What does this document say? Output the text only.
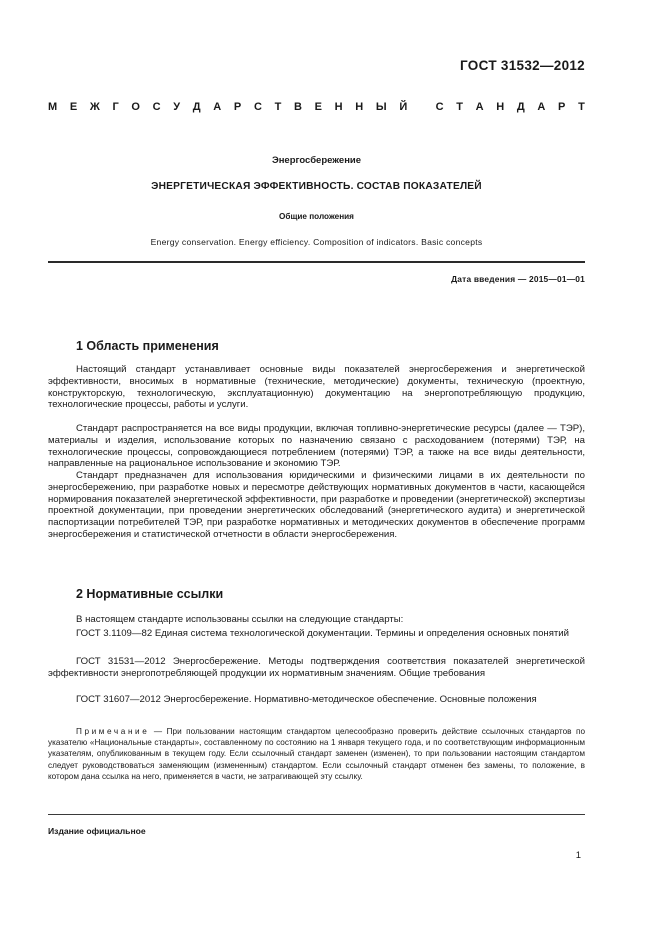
ГОСТ 31532—2012
М Е Ж Г О С У Д А Р С Т В Е Н Н Ы Й
	С Т А Н Д А Р Т
Энергосбережение
ЭНЕРГЕТИЧЕСКАЯ ЭФФЕКТИВНОСТЬ. СОСТАВ ПОКАЗАТЕЛЕЙ
Общие положения
Energy conservation. Energy efficiency. Composition of indicators. Basic concepts
Дата введения — 2015—01—01
1 Область применения

Настоящий стандарт устанавливает основные виды показателей энергосбережения и энергетической эффективности, вносимых в нормативные (технические, методические) документы, техническую (проектную, конструкторскую, технологическую, эксплуатационную) документацию на энергопотребляющую продукцию, технологические процессы, работы и услуги.

Стандарт распространяется на все виды продукции, включая топливно-энергетические ресурсы (далее — ТЭР), материалы и изделия, использование которых по назначению связано с расходованием (потерями) ТЭР, на технологические процессы, сопровождающиеся потреблением (потерями) ТЭР, а также на все виды деятельности, направленные на рациональное использование и экономию ТЭР.

Стандарт предназначен для использования юридическими и физическими лицами в их деятельности по энергосбережению, при разработке новых и пересмотре действующих нормативных документов в части, касающейся нормирования показателей энергетической эффективности, при разработке и проведении (энергетической) экспертизы проектной документации, при проведении энергетических обследований (энергетического аудита) и энергетической паспортизации потребителей ТЭР, при разработке нормативных и методических документов в обеспечение программ энергосбережения и статистической отчетности в области энергосбережения.

2 Нормативные ссылки

В настоящем стандарте использованы ссылки на следующие стандарты:

ГОСТ 3.1109—82 Единая система технологической документации. Термины и определения основных понятий

ГОСТ 31531—2012 Энергосбережение. Методы подтверждения соответствия показателей энергетической эффективности энергопотребляющей продукции их нормативным значениям. Общие требования

ГОСТ 31607—2012 Энергосбережение. Нормативно-методическое обеспечение. Основные положения

Примечание — При пользовании настоящим стандартом целесообразно проверить действие ссылочных стандартов по указателю «Национальные стандарты», составленному по состоянию на 1 января текущего года, и по соответствующим информационным указателям, опубликованным в текущем году. Если ссылочный стандарт заменен (изменен), то при пользовании настоящим стандартом следует руководствоваться заменяющим (измененным) стандартом. Если ссылочный стандарт отменен без замены, то положение, в котором дана ссылка на него, применяется в части, не затрагивающей эту ссылку.

Издание официальное
1
